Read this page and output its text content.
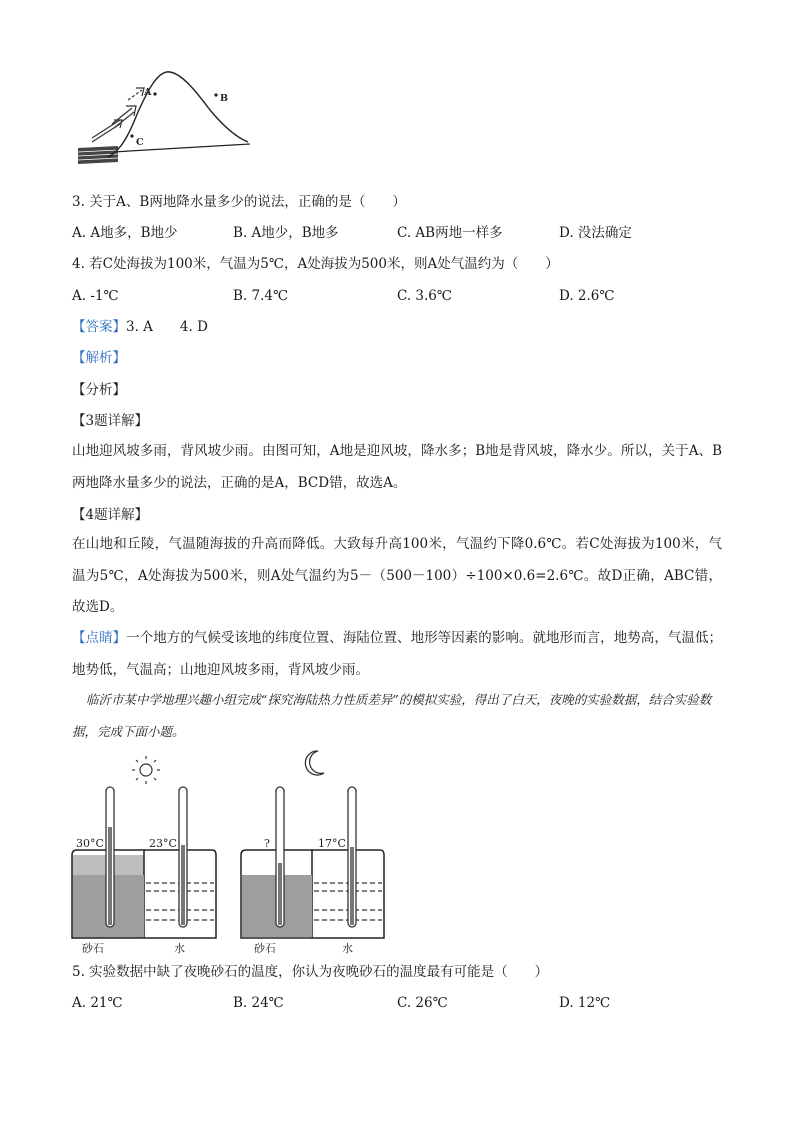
A
B
C
3. 关于A、B两地降水量多少的说法，正确的是（　　）
A. A地多，B地少	B. A地少，B地多	C. AB两地一样多	D. 没法确定
4. 若C处海拔为100米，气温为5℃，A处海拔为500米，则A处气温约为（　　）
A. -1℃	B. 7.4℃	C. 3.6℃	D. 2.6℃
【答案】3. A　　4. D
【解析】
【分析】
【3题详解】
山地迎风坡多雨，背风坡少雨。由图可知，A地是迎风坡，降水多；B地是背风坡，降水少。所以，关于A、B两地降水量多少的说法，正确的是A，BCD错，故选A。
【4题详解】
在山地和丘陵，气温随海拔的升高而降低。大致每升高100米，气温约下降0.6℃。若C处海拔为100米，气温为5℃，A处海拔为500米，则A处气温约为5－（500－100）÷100×0.6=2.6℃。故D正确，ABC错，故选D。
【点睛】一个地方的气候受该地的纬度位置、海陆位置、地形等因素的影响。就地形而言，地势高，气温低；地势低，气温高；山地迎风坡多雨，背风坡少雨。
临沂市某中学地理兴趣小组完成“探究海陆热力性质差异”的模拟实验，得出了白天，夜晚的实验数据，结合实验数据，完成下面小题。
30°C	23°C
砂石	水
?	17°C
砂石	水
5. 实验数据中缺了夜晚砂石的温度，你认为夜晚砂石的温度最有可能是（　　）
A. 21℃	B. 24℃	C. 26℃	D. 12℃
